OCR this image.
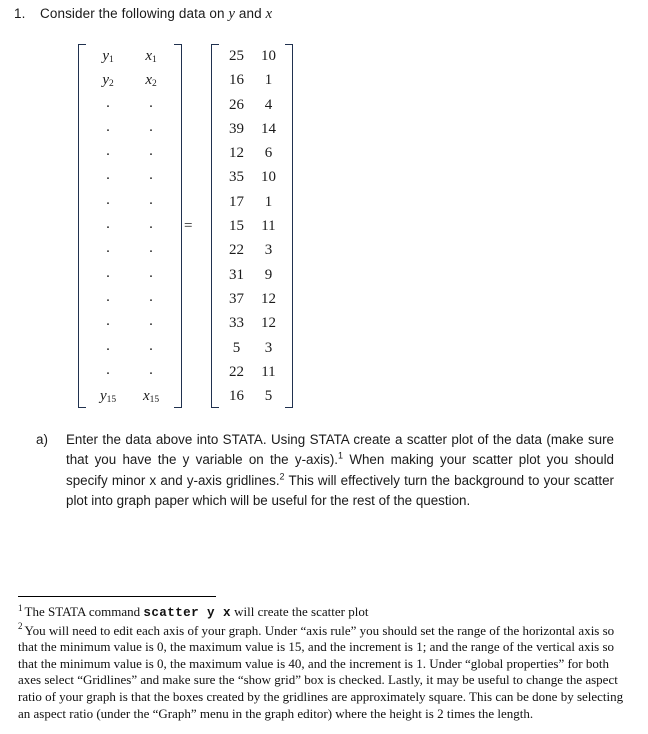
1. Consider the following data on y and x
$y_1$
$y_2$
.
.
.
.
.
.
.
.
.
.
.
.
$y_{15}$
$x_1$
$x_2$
.
.
.
.
.
.
.
.
.
.
.
.
$x_{15}$
=
25
16
26
39
12
35
17
15
22
31
37
33
5
22
16
10
1
4
14
6
10
1
11
3
9
12
12
3
11
5
a)	Enter the data above into STATA. Using STATA create a scatter plot of the data (make sure that you have the y variable on the y-axis).$^1$ When making your scatter plot you should specify minor x and y-axis gridlines.$^2$ This will effectively turn the background to your scatter plot into graph paper which will be useful for the rest of the question.

$^1$ The STATA command scatter y x will create the scatter plot

$^2$ You will need to edit each axis of your graph. Under “axis rule” you should set the range of the horizontal axis so that the minimum value is 0, the maximum value is 15, and the increment is 1; and the range of the vertical axis so that the minimum value is 0, the maximum value is 40, and the increment is 1. Under “global properties” for both axes select “Gridlines” and make sure the “show grid” box is checked. Lastly, it may be useful to change the aspect ratio of your graph is that the boxes created by the gridlines are approximately square. This can be done by selecting an aspect ratio (under the “Graph” menu in the graph editor) where the height is 2 times the length.
